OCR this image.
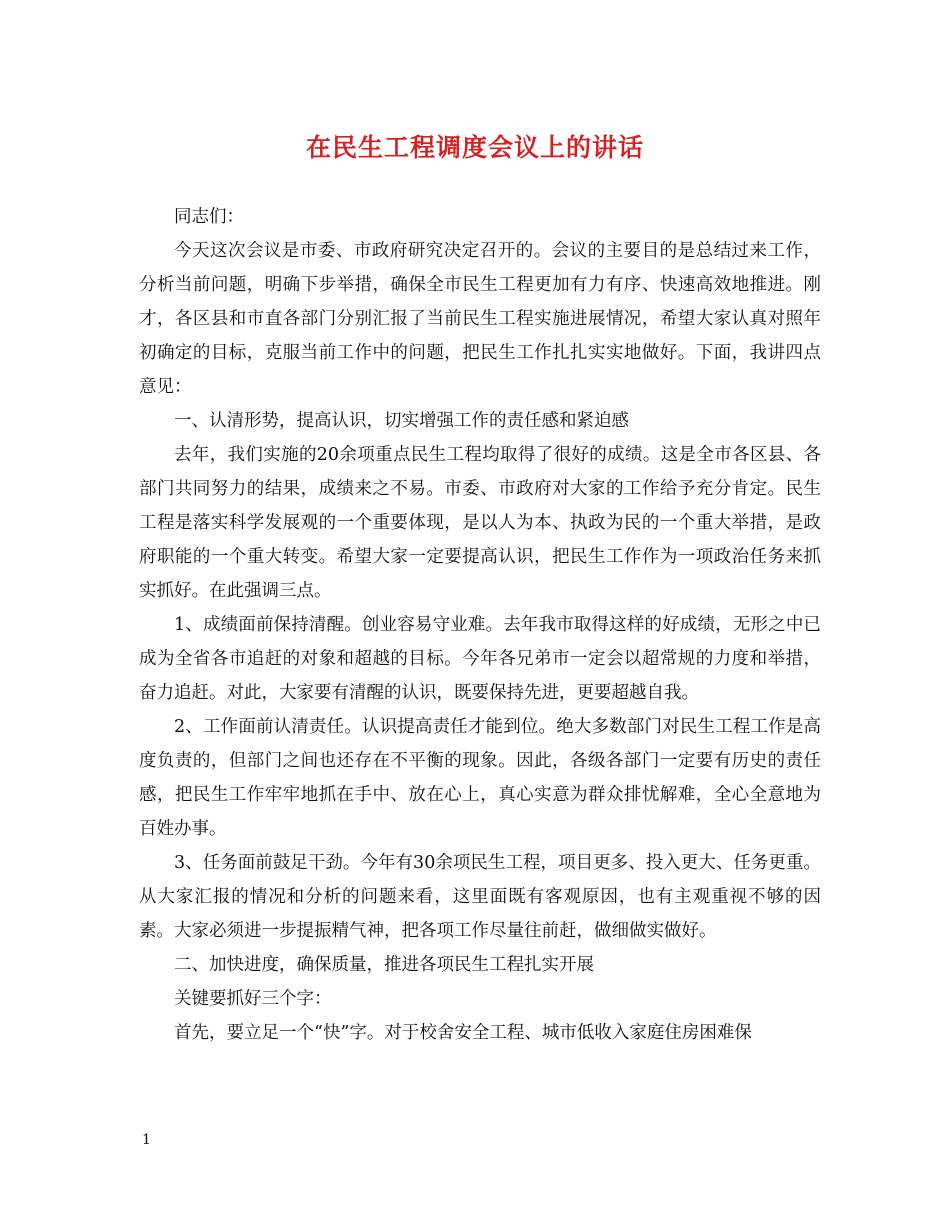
在民生工程调度会议上的讲话

同志们：

今天这次会议是市委、市政府研究决定召开的。会议的主要目的是总结过来工作，分析当前问题，明确下步举措，确保全市民生工程更加有力有序、快速高效地推进。刚才，各区县和市直各部门分别汇报了当前民生工程实施进展情况，希望大家认真对照年初确定的目标，克服当前工作中的问题，把民生工作扎扎实实地做好。下面，我讲四点意见：

一、认清形势，提高认识，切实增强工作的责任感和紧迫感

去年，我们实施的20余项重点民生工程均取得了很好的成绩。这是全市各区县、各部门共同努力的结果，成绩来之不易。市委、市政府对大家的工作给予充分肯定。民生工程是落实科学发展观的一个重要体现，是以人为本、执政为民的一个重大举措，是政府职能的一个重大转变。希望大家一定要提高认识，把民生工作作为一项政治任务来抓实抓好。在此强调三点。

1、成绩面前保持清醒。创业容易守业难。去年我市取得这样的好成绩，无形之中已成为全省各市追赶的对象和超越的目标。今年各兄弟市一定会以超常规的力度和举措，奋力追赶。对此，大家要有清醒的认识，既要保持先进，更要超越自我。

2、工作面前认清责任。认识提高责任才能到位。绝大多数部门对民生工程工作是高度负责的，但部门之间也还存在不平衡的现象。因此，各级各部门一定要有历史的责任感，把民生工作牢牢地抓在手中、放在心上，真心实意为群众排忧解难，全心全意地为百姓办事。

3、任务面前鼓足干劲。今年有30余项民生工程，项目更多、投入更大、任务更重。从大家汇报的情况和分析的问题来看，这里面既有客观原因，也有主观重视不够的因素。大家必须进一步提振精气神，把各项工作尽量往前赶，做细做实做好。

二、加快进度，确保质量，推进各项民生工程扎实开展

关键要抓好三个字：

首先，要立足一个“快”字。对于校舍安全工程、城市低收入家庭住房困难保

1
